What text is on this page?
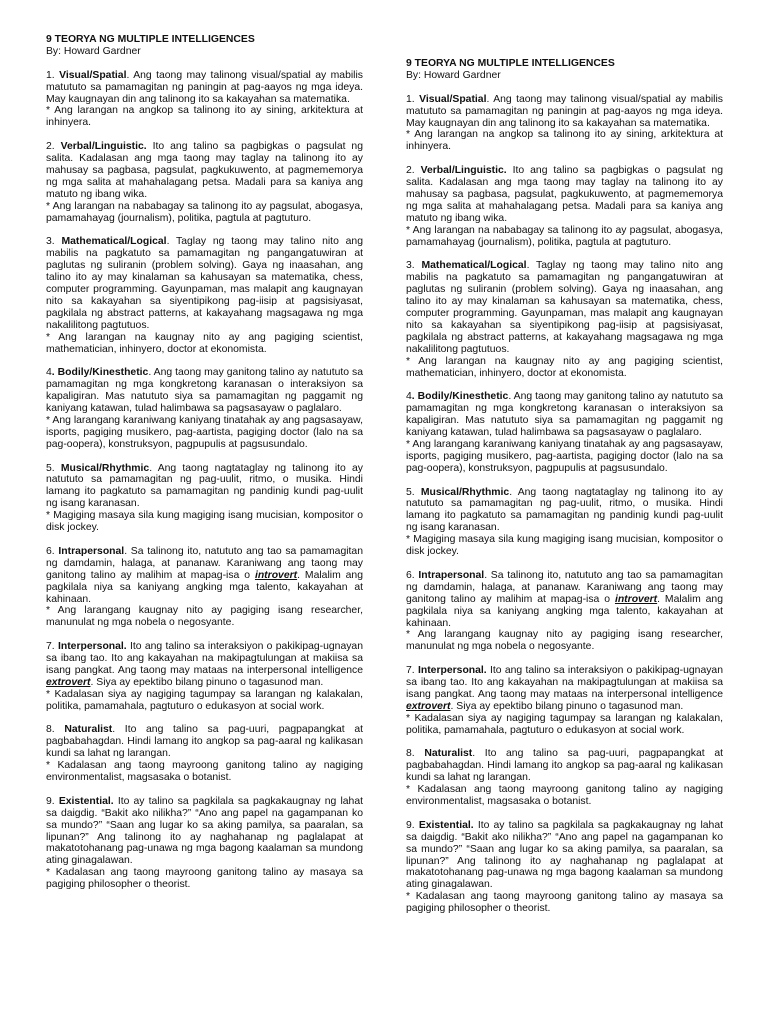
9 TEORYA NG MULTIPLE INTELLIGENCES

By: Howard Gardner

1. Visual/Spatial. Ang taong may talinong visual/spatial ay mabilis matututo sa pamamagitan ng paningin at pag-aayos ng mga ideya. May kaugnayan din ang talinong ito sa kakayahan sa matematika.

* Ang larangan na angkop sa talinong ito ay sining, arkitektura at inhinyera.

2. Verbal/Linguistic. Ito ang talino sa pagbigkas o pagsulat ng salita. Kadalasan ang mga taong may taglay na talinong ito ay mahusay sa pagbasa, pagsulat, pagkukuwento, at pagmememorya ng mga salita at mahahalagang petsa. Madali para sa kaniya ang matuto ng ibang wika.

* Ang larangan na nababagay sa talinong ito ay pagsulat, abogasya, pamamahayag (journalism), politika, pagtula at pagtuturo.

3. Mathematical/Logical. Taglay ng taong may talino nito ang mabilis na pagkatuto sa pamamagitan ng pangangatuwiran at paglutas ng suliranin (problem solving). Gaya ng inaasahan, ang talino ito ay may kinalaman sa kahusayan sa matematika, chess, computer programming. Gayunpaman, mas malapit ang kaugnayan nito sa kakayahan sa siyentipikong pag-iisip at pagsisiyasat, pagkilala ng abstract patterns, at kakayahang magsagawa ng mga nakalilitong pagtutuos.

* Ang larangan na kaugnay nito ay ang pagiging scientist, mathematician, inhinyero, doctor at ekonomista.

4. Bodily/Kinesthetic. Ang taong may ganitong talino ay natututo sa pamamagitan ng mga kongkretong karanasan o interaksiyon sa kapaligiran. Mas natututo siya sa pamamagitan ng paggamit ng kaniyang katawan, tulad halimbawa sa pagsasayaw o paglalaro.

* Ang larangang karaniwang kaniyang tinatahak ay ang pagsasayaw, isports, pagiging musikero, pag-aartista, pagiging doctor (lalo na sa pag-oopera), konstruksyon, pagpupulis at pagsusundalo.

5. Musical/Rhythmic. Ang taong nagtataglay ng talinong ito ay natututo sa pamamagitan ng pag-uulit, ritmo, o musika. Hindi lamang ito pagkatuto sa pamamagitan ng pandinig kundi pag-uulit ng isang karanasan.

* Magiging masaya sila kung magiging isang mucisian, kompositor o disk jockey.

6. Intrapersonal. Sa talinong ito, natututo ang tao sa pamamagitan ng damdamin, halaga, at pananaw. Karaniwang ang taong may ganitong talino ay malihim at mapag-isa o introvert. Malalim ang pagkilala niya sa kaniyang angking mga talento, kakayahan at kahinaan.

* Ang larangang kaugnay nito ay pagiging isang researcher, manunulat ng mga nobela o negosyante.

7. Interpersonal. Ito ang talino sa interaksiyon o pakikipag-ugnayan sa ibang tao. Ito ang kakayahan na makipagtulungan at makiisa sa isang pangkat. Ang taong may mataas na interpersonal intelligence extrovert. Siya ay epektibo bilang pinuno o tagasunod man.

* Kadalasan siya ay nagiging tagumpay sa larangan ng kalakalan, politika, pamamahala, pagtuturo o edukasyon at social work.

8. Naturalist. Ito ang talino sa pag-uuri, pagpapangkat at pagbabahagdan. Hindi lamang ito angkop sa pag-aaral ng kalikasan kundi sa lahat ng larangan.

* Kadalasan ang taong mayroong ganitong talino ay nagiging environmentalist, magsasaka o botanist.

9. Existential. Ito ay talino sa pagkilala sa pagkakaugnay ng lahat sa daigdig. “Bakit ako nilikha?” “Ano ang papel na gagampanan ko sa mundo?” “Saan ang lugar ko sa aking pamilya, sa paaralan, sa lipunan?” Ang talinong ito ay naghahanap ng paglalapat at makatotohanang pag-unawa ng mga bagong kaalaman sa mundong ating ginagalawan.

* Kadalasan ang taong mayroong ganitong talino ay masaya sa pagiging philosopher o theorist.

9 TEORYA NG MULTIPLE INTELLIGENCES

By: Howard Gardner

1. Visual/Spatial. Ang taong may talinong visual/spatial ay mabilis matututo sa pamamagitan ng paningin at pag-aayos ng mga ideya. May kaugnayan din ang talinong ito sa kakayahan sa matematika.

* Ang larangan na angkop sa talinong ito ay sining, arkitektura at inhinyera.

2. Verbal/Linguistic. Ito ang talino sa pagbigkas o pagsulat ng salita. Kadalasan ang mga taong may taglay na talinong ito ay mahusay sa pagbasa, pagsulat, pagkukuwento, at pagmememorya ng mga salita at mahahalagang petsa. Madali para sa kaniya ang matuto ng ibang wika.

* Ang larangan na nababagay sa talinong ito ay pagsulat, abogasya, pamamahayag (journalism), politika, pagtula at pagtuturo.

3. Mathematical/Logical. Taglay ng taong may talino nito ang mabilis na pagkatuto sa pamamagitan ng pangangatuwiran at paglutas ng suliranin (problem solving). Gaya ng inaasahan, ang talino ito ay may kinalaman sa kahusayan sa matematika, chess, computer programming. Gayunpaman, mas malapit ang kaugnayan nito sa kakayahan sa siyentipikong pag-iisip at pagsisiyasat, pagkilala ng abstract patterns, at kakayahang magsagawa ng mga nakalilitong pagtutuos.

* Ang larangan na kaugnay nito ay ang pagiging scientist, mathematician, inhinyero, doctor at ekonomista.

4. Bodily/Kinesthetic. Ang taong may ganitong talino ay natututo sa pamamagitan ng mga kongkretong karanasan o interaksiyon sa kapaligiran. Mas natututo siya sa pamamagitan ng paggamit ng kaniyang katawan, tulad halimbawa sa pagsasayaw o paglalaro.

* Ang larangang karaniwang kaniyang tinatahak ay ang pagsasayaw, isports, pagiging musikero, pag-aartista, pagiging doctor (lalo na sa pag-oopera), konstruksyon, pagpupulis at pagsusundalo.

5. Musical/Rhythmic. Ang taong nagtataglay ng talinong ito ay natututo sa pamamagitan ng pag-uulit, ritmo, o musika. Hindi lamang ito pagkatuto sa pamamagitan ng pandinig kundi pag-uulit ng isang karanasan.

* Magiging masaya sila kung magiging isang mucisian, kompositor o disk jockey.

6. Intrapersonal. Sa talinong ito, natututo ang tao sa pamamagitan ng damdamin, halaga, at pananaw. Karaniwang ang taong may ganitong talino ay malihim at mapag-isa o introvert. Malalim ang pagkilala niya sa kaniyang angking mga talento, kakayahan at kahinaan.

* Ang larangang kaugnay nito ay pagiging isang researcher, manunulat ng mga nobela o negosyante.

7. Interpersonal. Ito ang talino sa interaksiyon o pakikipag-ugnayan sa ibang tao. Ito ang kakayahan na makipagtulungan at makiisa sa isang pangkat. Ang taong may mataas na interpersonal intelligence extrovert. Siya ay epektibo bilang pinuno o tagasunod man.

* Kadalasan siya ay nagiging tagumpay sa larangan ng kalakalan, politika, pamamahala, pagtuturo o edukasyon at social work.

8. Naturalist. Ito ang talino sa pag-uuri, pagpapangkat at pagbabahagdan. Hindi lamang ito angkop sa pag-aaral ng kalikasan kundi sa lahat ng larangan.

* Kadalasan ang taong mayroong ganitong talino ay nagiging environmentalist, magsasaka o botanist.

9. Existential. Ito ay talino sa pagkilala sa pagkakaugnay ng lahat sa daigdig. “Bakit ako nilikha?” “Ano ang papel na gagampanan ko sa mundo?” “Saan ang lugar ko sa aking pamilya, sa paaralan, sa lipunan?” Ang talinong ito ay naghahanap ng paglalapat at makatotohanang pag-unawa ng mga bagong kaalaman sa mundong ating ginagalawan.

* Kadalasan ang taong mayroong ganitong talino ay masaya sa pagiging philosopher o theorist.
